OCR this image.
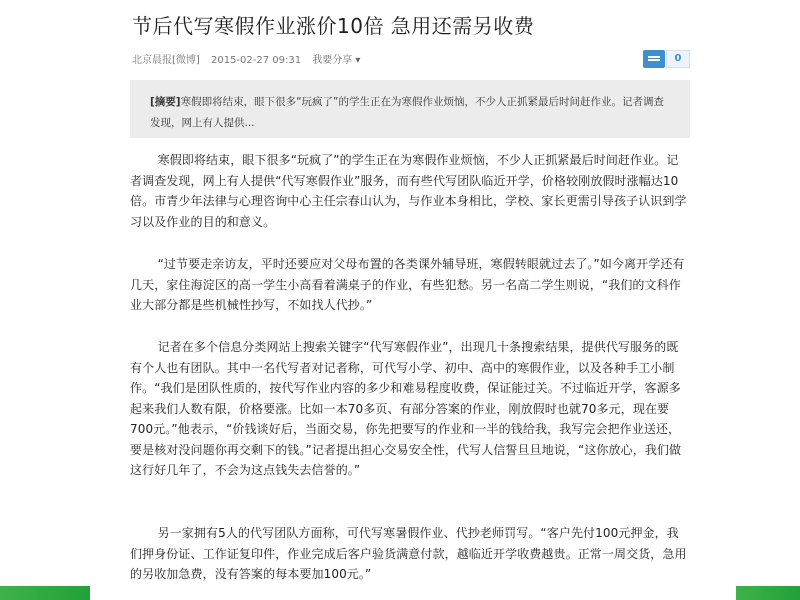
节后代写寒假作业涨价10倍 急用还需另收费
北京晨报[微博] 2015-02-27 09:31 我要分享 ▾	0
[摘要]寒假即将结束，眼下很多“玩疯了”的学生正在为寒假作业烦恼，不少人正抓紧最后时间赶作业。记者调查发现，网上有人提供...
寒假即将结束，眼下很多“玩疯了”的学生正在为寒假作业烦恼，不少人正抓紧最后时间赶作业。记者调查发现，网上有人提供“代写寒假作业”服务，而有些代写团队临近开学，价格较刚放假时涨幅达10倍。市青少年法律与心理咨询中心主任宗春山认为，与作业本身相比，学校、家长更需引导孩子认识到学习以及作业的目的和意义。
“过节要走亲访友，平时还要应对父母布置的各类课外辅导班，寒假转眼就过去了。”如今离开学还有几天，家住海淀区的高一学生小高看着满桌子的作业，有些犯愁。另一名高二学生则说，“我们的文科作业大部分都是些机械性抄写，不如找人代抄。”
记者在多个信息分类网站上搜索关键字“代写寒假作业”，出现几十条搜索结果，提供代写服务的既有个人也有团队。其中一名代写者对记者称，可代写小学、初中、高中的寒假作业，以及各种手工小制作。“我们是团队性质的，按代写作业内容的多少和难易程度收费，保证能过关。不过临近开学，客源多起来我们人数有限，价格要涨。比如一本70多页、有部分答案的作业，刚放假时也就70多元，现在要700元。”他表示，“价钱谈好后，当面交易，你先把要写的作业和一半的钱给我，我写完会把作业送还，要是核对没问题你再交剩下的钱。”记者提出担心交易安全性，代写人信誓旦旦地说，“这你放心，我们做这行好几年了，不会为这点钱失去信誉的。”
另一家拥有5人的代写团队方面称，可代写寒暑假作业、代抄老师罚写。“客户先付100元押金，我们押身份证、工作证复印件，作业完成后客户验货满意付款，越临近开学收费越贵。正常一周交货，急用的另收加急费，没有答案的每本要加100元。”
